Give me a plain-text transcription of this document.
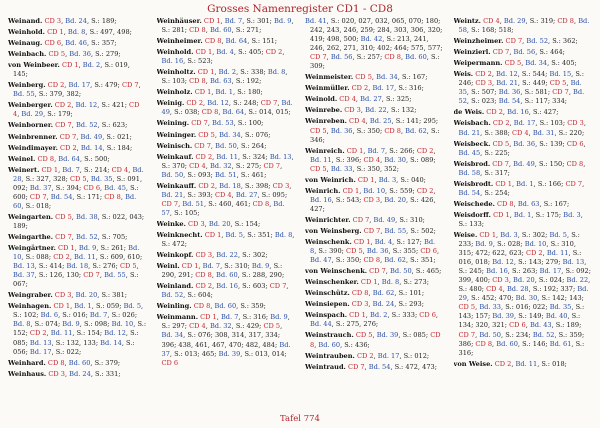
Grosses Namenregister CD1 - CD8
Weinand. CD 3, Bd. 24, S.: 189;
Weinhold. CD 1, Bd. 8, S.: 497, 498;
Weinaug. CD 6, Bd. 46, S.: 357;
Weinbach. CD 5, Bd. 36, S.: 279;
von Weinbeer. CD 1, Bd. 2, S.: 019, 145;
Weinberg. CD 2, Bd. 17, S.: 479; CD 7, Bd. 55, S.: 379, 382;
Weinberger. CD 2, Bd. 12, S.: 421; CD 4, Bd. 29, S.: 179;
Weinborner. CD 7, Bd. 52, S.: 623;
Weinbrenner. CD 7, Bd. 49, S.: 021;
Weindimayer. CD 2, Bd. 14, S.: 184;
Weinel. CD 8, Bd. 64, S.: 500;
Weinert. CD 1, Bd. 7, S.: 214; CD 4, Bd. 28, S.: 327, 328; CD 5, Bd. 35, S.: 091, 092; Bd. 37, S.: 394; CD 6, Bd. 45, S.: 600; CD 7, Bd. 54, S.: 171; CD 8, Bd. 60, S.: 018;
Weingarten. CD 5, Bd. 38, S.: 022, 043; 189;
Weingarthe. CD 7, Bd. 52, S.: 705;
Weingärtner. CD 1, Bd. 9, S.: 261; Bd. 10, S.: 088; CD 2, Bd. 11, S.: 609, 610; Bd. 13, S.: 414; Bd. 18, S.: 276; CD 5, Bd. 37, S.: 126, 130; CD 7, Bd. 55, S.: 067;
Weingraber. CD 3, Bd. 20, S.: 381;
Weinhagen. CD 1, Bd. 1, S.: 059; Bd. 5, S.: 102; Bd. 6, S.: 016; Bd. 7, S.: 026; Bd. 8, S.: 074; Bd. 9, S.: 098; Bd. 10, S.: 152; CD 2, Bd. 11, S.: 154; Bd. 12, S.: 085; Bd. 13, S.: 132, 133; Bd. 14, S.: 056; Bd. 17, S.: 022;
Weinhard. CD 8, Bd. 60, S.: 379;
Weinhaus. CD 3, Bd. 24, S.: 331;
Weinhäuser. CD 1, Bd. 7, S.: 301; Bd. 9, S.: 281; CD 8, Bd. 60, S.: 271;
Weinheimer. CD 8, Bd. 64, S.: 151;
Weinhold. CD 1, Bd. 4, S.: 405; CD 2, Bd. 16, S.: 523;
Weinholtz. CD 1, Bd. 2, S.: 338; Bd. 8, S.: 103; CD 8, Bd. 63, S.: 192;
Weinholz. CD 1, Bd. 1, S.: 180;
Weinig. CD 2, Bd. 12, S.: 248; CD 7, Bd. 49, S.: 038; CD 8, Bd. 64, S.: 014, 015;
Weining. CD 7, Bd. 53, S.: 100;
Weininger. CD 5, Bd. 34, S.: 076;
Weinisch. CD 7, Bd. 50, S.: 264;
Weinkauf. CD 2, Bd. 11, S.: 324; Bd. 13, S.: 370; CD 4, Bd. 32, S.: 275; CD 7, Bd. 50, S.: 093; Bd. 51, S.: 461;
Weinkauff. CD 2, Bd. 18, S.: 398; CD 3, Bd. 21, S.: 393; CD 4, Bd. 27, S.: 095; CD 7, Bd. 51, S.: 460, 461; CD 8, Bd. 57, S.: 105;
Weinke. CD 3, Bd. 20, S.: 154;
Weinknecht. CD 1, Bd. 5, S.: 351; Bd. 8, S.: 472;
Weinkopf. CD 3, Bd. 22, S.: 302;
Weinl. CD 1, Bd. 7, S.: 310; Bd. 9, S.: 290, 291; CD 8, Bd. 60, S.: 288, 290;
Weinland. CD 2, Bd. 16, S.: 603; CD 7, Bd. 52, S.: 604;
Weinling. CD 8, Bd. 60, S.: 359;
Weinmann. CD 1, Bd. 7, S.: 316; Bd. 9, S.: 297; CD 4, Bd. 32, S.: 429; CD 5, Bd. 34, S.: 076; 308, 314, 317, 334; 396; 438, 461, 467, 470; 482, 484; Bd. 37, S.: 013; 465; Bd. 39, S.: 013, 014; CD 6
Bd. 41, S.: 020, 027, 032, 065, 070; 180; 242, 243, 246, 259; 284, 303, 306, 320; 419; 498, 500; Bd. 42, S.: 213, 241, 246, 262, 271, 310; 402; 464; 575, 577; CD 7, Bd. 56, S.: 257; CD 8, Bd. 60, S.: 309;
Weinmeister. CD 5, Bd. 34, S.: 167;
Weinmüller. CD 2, Bd. 17, S.: 316;
Weinold. CD 4, Bd. 27, S.: 325;
Weinrebe. CD 3, Bd. 22, S.: 132;
Weinreben. CD 4, Bd. 25, S.: 141; 295; CD 5, Bd. 36, S.: 350; CD 8, Bd. 62, S.: 346;
Weinreich. CD 1, Bd. 7, S.: 266; CD 2, Bd. 11, S.: 396; CD 4, Bd. 30, S.: 089; CD 5, Bd. 33, S.: 350, 352;
von Weinrich. CD 1, Bd. 3, S.: 040;
Weinrich. CD 1, Bd. 10, S.: 559; CD 2, Bd. 16, S.: 543; CD 3, Bd. 20, S.: 426, 427;
Weinrichter. CD 7, Bd. 49, S.: 310;
von Weinsberg. CD 7, Bd. 55, S.: 502;
Weinschenk. CD 1, Bd. 4, S.: 127; Bd. 8, S.: 390; CD 5, Bd. 36, S.: 355; CD 6, Bd. 47, S.: 350; CD 8, Bd. 62, S.: 351;
von Weinschenk. CD 7, Bd. 50, S.: 465;
Weinschenker. CD 1, Bd. 8, S.: 273;
Weinschütz. CD 8, Bd. 62, S.: 101;
Weinsiepen. CD 3, Bd. 24, S.: 293;
Weinspach. CD 1, Bd. 2, S.: 333; CD 6, Bd. 44, S.: 275, 276;
Weinstrauch. CD 5, Bd. 39, S.: 085; CD 8, Bd. 60, S.: 436;
Weintrauben. CD 2, Bd. 17, S.: 012;
Weintraud. CD 7, Bd. 54, S.: 472, 473;
Weintz. CD 4, Bd. 29, S.: 319; CD 8, Bd. 58, S.: 168; 518;
Weinzheimer. CD 7, Bd. 52, S.: 362;
Weinzierl. CD 7, Bd. 56, S.: 464;
Weipermann. CD 5, Bd. 34, S.: 405;
Weis. CD 2, Bd. 12, S.: 544; Bd. 15, S.: 246; CD 3, Bd. 21, S.: 449; CD 5, Bd. 35, S.: 507; Bd. 36, S.: 581; CD 7, Bd. 52, S.: 023; Bd. 54, S.: 117; 334;
de Weis. CD 2, Bd. 16, S.: 427;
Weisbach. CD 2, Bd. 17, S.: 103; CD 3, Bd. 21, S.: 388; CD 4, Bd. 31, S.: 220;
Weisbeck. CD 5, Bd. 36, S.: 139; CD 6, Bd. 45, S.: 225;
Weisbrod. CD 7, Bd. 49, S.: 150; CD 8, Bd. 58, S.: 317;
Weisbrodt. CD 1, Bd. 1, S.: 166; CD 7, Bd. 54, S.: 254;
Weischede. CD 8, Bd. 63, S.: 167;
Weisdorff. CD 1, Bd. 1, S.: 175; Bd. 3, S.: 133;
Weise. CD 1, Bd. 3, S.: 302; Bd. 5, S.: 233; Bd. 9, S.: 028; Bd. 10, S.: 310, 315; 472; 622, 623; CD 2, Bd. 11, S.: 016, 018; Bd. 12, S.: 143; 279; Bd. 13, S.: 245; Bd. 16, S.: 263; Bd. 17, S.: 092; 399, 400; CD 3, Bd. 20, S.: 024; Bd. 22, S.: 480; CD 4, Bd. 28, S.: 192; 337; Bd. 29, S.: 452; 470; Bd. 30, S.: 142; 143; CD 5, Bd. 33, S.: 016; 022; Bd. 35, S.: 143; 157; Bd. 39, S.: 149; Bd. 40, S.: 134; 320, 321; CD 6, Bd. 43, S.: 189; CD 7, Bd. 50, S.: 234; Bd. 52, S.: 359; 386; CD 8, Bd. 60, S.: 146; Bd. 61, S.: 316;
von Weise. CD 2, Bd. 11, S.: 018;
Tafel 774
